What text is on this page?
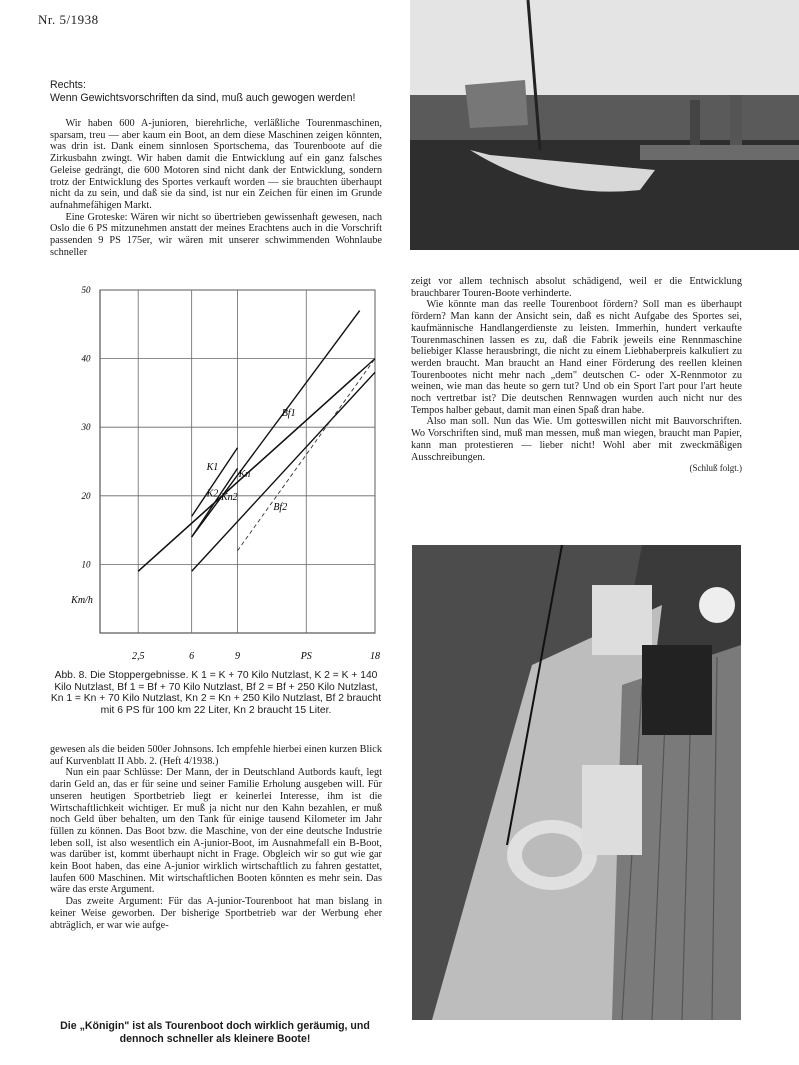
Nr. 5/1938
Rechts:
Wenn Gewichtsvorschriften da sind, muß auch gewogen werden!

Wir haben 600 A-junioren, bierehrliche, verläßliche Tourenmaschinen, sparsam, treu — aber kaum ein Boot, an dem diese Maschinen zeigen könnten, was drin ist. Dank einem sinnlosen Sportschema, das Tourenboote auf die Zirkusbahn zwingt. Wir haben damit die Entwicklung auf ein ganz falsches Geleise gedrängt, die 600 Motoren sind nicht dank der Entwicklung, sondern trotz der Entwicklung des Sportes verkauft worden — sie brauchten überhaupt nicht da zu sein, und daß sie da sind, ist nur ein Zeichen für einen im Grunde aufnahmefähigen Markt.

Eine Groteske: Wären wir nicht so übertrieben gewissenhaft gewesen, nach Oslo die 6 PS mitzunehmen anstatt der meines Erachtens auch in die Vorschrift passenden 9 PS 175er, wir wären mit unserer schwimmenden Wohnlaube schneller

50
40
30
20
10
2,5	6	9	PS	18
Km/h
K1
K2
Bf1
Kn
Kn2
Bf2
Abb. 8. Die Stoppergebnisse. K 1 = K + 70 Kilo Nutzlast, K 2 = K + 140 Kilo Nutzlast, Bf 1 = Bf + 70 Kilo Nutzlast, Bf 2 = Bf + 250 Kilo Nutzlast, Kn 1 = Kn + 70 Kilo Nutzlast, Kn 2 = Kn + 250 Kilo Nutzlast, Bf 2 braucht mit 6 PS für 100 km 22 Liter, Kn 2 braucht 15 Liter.

gewesen als die beiden 500er Johnsons. Ich empfehle hierbei einen kurzen Blick auf Kurvenblatt II Abb. 2. (Heft 4/1938.)

Nun ein paar Schlüsse: Der Mann, der in Deutschland Autbords kauft, legt darin Geld an, das er für seine und seiner Familie Erholung ausgeben will. Für unseren heutigen Sportbetrieb liegt er keinerlei Interesse, ihm ist die Wirtschaftlichkeit wichtiger. Er muß ja nicht nur den Kahn bezahlen, er muß noch Geld über behalten, um den Tank für einige tausend Kilometer im Jahr füllen zu können. Das Boot bzw. die Maschine, von der eine deutsche Industrie leben soll, ist also wesentlich ein A-junior-Boot, im Ausnahmefall ein B-Boot, was darüber ist, kommt überhaupt nicht in Frage. Obgleich wir so gut wie gar kein Boot haben, das eine A-junior wirklich wirtschaftlich zu fahren gestattet, laufen 600 Maschinen. Mit wirtschaftlichen Booten könnten es mehr sein. Das wäre das erste Argument.

Das zweite Argument: Für das A-junior-Tourenboot hat man bislang in keiner Weise geworben. Der bisherige Sportbetrieb war der Werbung eher abträglich, er war wie aufge-

Die „Königin" ist als Tourenboot doch wirklich geräumig, und
dennoch schneller als kleinere Boote!

zeigt vor allem technisch absolut schädigend, weil er die Entwicklung brauchbarer Touren-Boote verhinderte.

Wie könnte man das reelle Tourenboot fördern? Soll man es überhaupt fördern? Man kann der Ansicht sein, daß es nicht Aufgabe des Sportes sei, kaufmännische Handlangerdienste zu leisten. Immerhin, hundert verkaufte Tourenmaschinen lassen es zu, daß die Fabrik jeweils eine Rennmaschine beliebiger Klasse herausbringt, die nicht zu einem Liebhaberpreis kalkuliert zu werden braucht. Man braucht an Hand einer Förderung des reellen kleinen Tourenbootes nicht mehr nach „dem" deutschen C- oder X-Rennmotor zu weinen, wie man das heute so gern tut? Und ob ein Sport l'art pour l'art heute noch vertretbar ist? Die deutschen Rennwagen wurden auch nicht nur des Tempos halber gebaut, damit man einen Spaß dran habe.

Also man soll. Nun das Wie. Um gotteswillen nicht mit Bauvorschriften. Wo Vorschriften sind, muß man messen, muß man wiegen, braucht man Papier, kann man protestieren — lieber nicht! Wohl aber mit zweckmäßigen Ausschreibungen.

(Schluß folgt.)
